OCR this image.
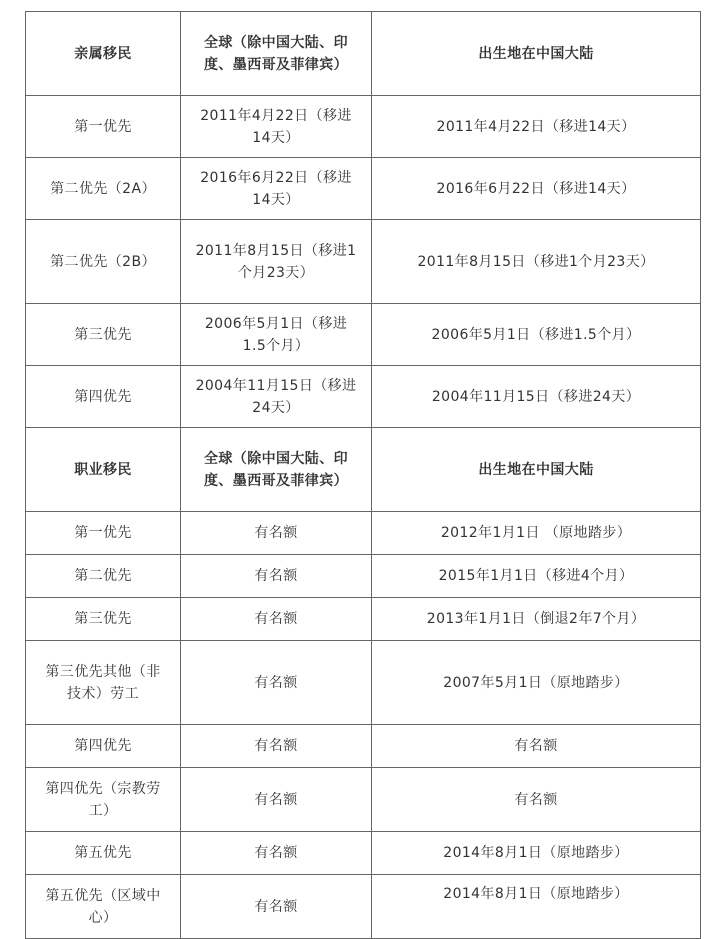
亲属移民	全球（除中国大陆、印度、墨西哥及菲律宾）	出生地在中国大陆
第一优先	2011年4月22日（移进14天）	2011年4月22日（移进14天）
第二优先（2A）	2016年6月22日（移进14天）	2016年6月22日（移进14天）
第二优先（2B）	2011年8月15日（移进1个月23天）	2011年8月15日（移进1个月23天）
第三优先	2006年5月1日（移进1.5个月）	2006年5月1日（移进1.5个月）
第四优先	2004年11月15日（移进24天）	2004年11月15日（移进24天）
职业移民	全球（除中国大陆、印度、墨西哥及菲律宾）	出生地在中国大陆
第一优先	有名额	2012年1月1日 （原地踏步）
第二优先	有名额	2015年1月1日（移进4个月）
第三优先	有名额	2013年1月1日（倒退2年7个月）
第三优先其他（非技术）劳工	有名额	2007年5月1日（原地踏步）
第四优先	有名额	有名额
第四优先（宗教劳工）	有名额	有名额
第五优先	有名额	2014年8月1日（原地踏步）
第五优先（区域中心）	有名额	2014年8月1日（原地踏步）
